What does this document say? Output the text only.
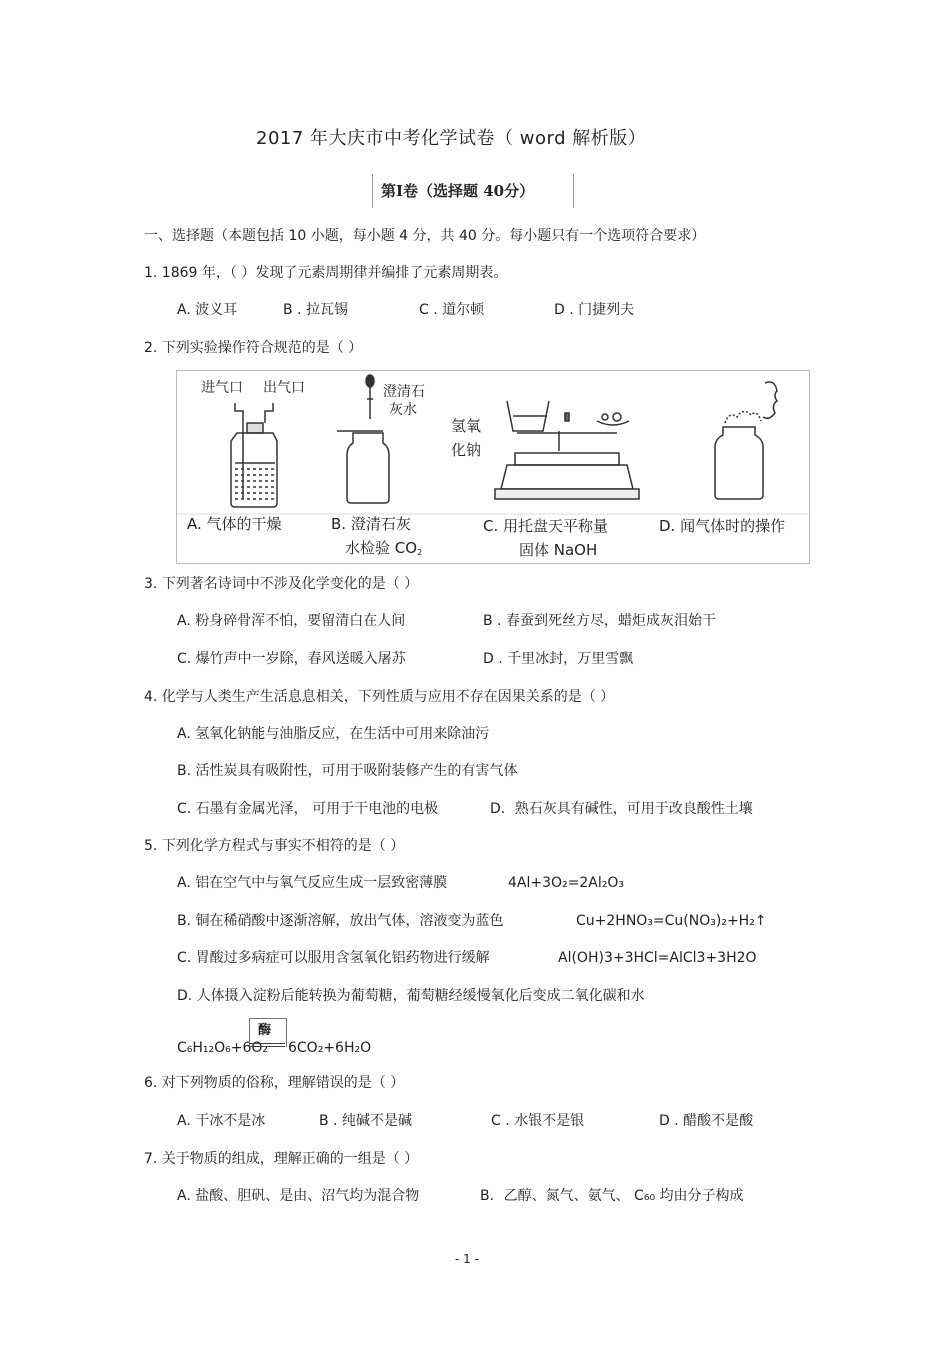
2017 年大庆市中考化学试卷（ word 解析版）
第Ⅰ卷（选择题 40分）
一、选择题（本题包括 10 小题，每小题 4 分，共 40 分。每小题只有一个选项符合要求）
1. 1869 年，（ ）发现了元素周期律并编排了元素周期表。
A. 波义耳	B . 拉瓦锡	C . 道尔顿	D . 门捷列夫
2. 下列实验操作符合规范的是（ ）
进气口 出气口	澄清石
灰水
氢氧
化钠
A. 气体的干燥	B. 澄清石灰
水检验 $CO_2$
C. 用托盘天平称量
固体 NaOH
D. 闻气体时的操作
3. 下列著名诗词中不涉及化学变化的是（ ）
A. 粉身碎骨浑不怕，要留清白在人间	B . 春蚕到死丝方尽，蜡炬成灰泪始干
C. 爆竹声中一岁除，春风送暖入屠苏	D . 千里冰封，万里雪飘
4. 化学与人类生产生活息息相关，下列性质与应用不存在因果关系的是（ ）
A. 氢氧化钠能与油脂反应，在生活中可用来除油污
B. 活性炭具有吸附性，可用于吸附装修产生的有害气体
C. 石墨有金属光泽， 可用于干电池的电极	D．熟石灰具有碱性，可用于改良酸性土壤
5. 下列化学方程式与事实不相符的是（ ）
A. 铝在空气中与氧气反应生成一层致密薄膜	4Al+3O₂=2Al₂O₃
B. 铜在稀硝酸中逐渐溶解，放出气体，溶液变为蓝色	Cu+2HNO₃=Cu(NO₃)₂+H₂↑
C. 胃酸过多病症可以服用含氢氧化铝药物进行缓解	Al(OH)3+3HCl=AlCl3+3H2O
D. 人体摄入淀粉后能转换为葡萄糖，葡萄糖经缓慢氧化后变成二氧化碳和水
C₆H₁₂O₆+6O₂
酶
6CO₂+6H₂O
6. 对下列物质的俗称，理解错误的是（ ）
A. 干冰不是冰	B . 纯碱不是碱	C . 水银不是银	D . 醋酸不是酸
7. 关于物质的组成，理解正确的一组是（ ）
A. 盐酸、胆矾、是由、沼气均为混合物	B．乙醇、氮气、氨气、 C₆₀ 均由分子构成
- 1 -
